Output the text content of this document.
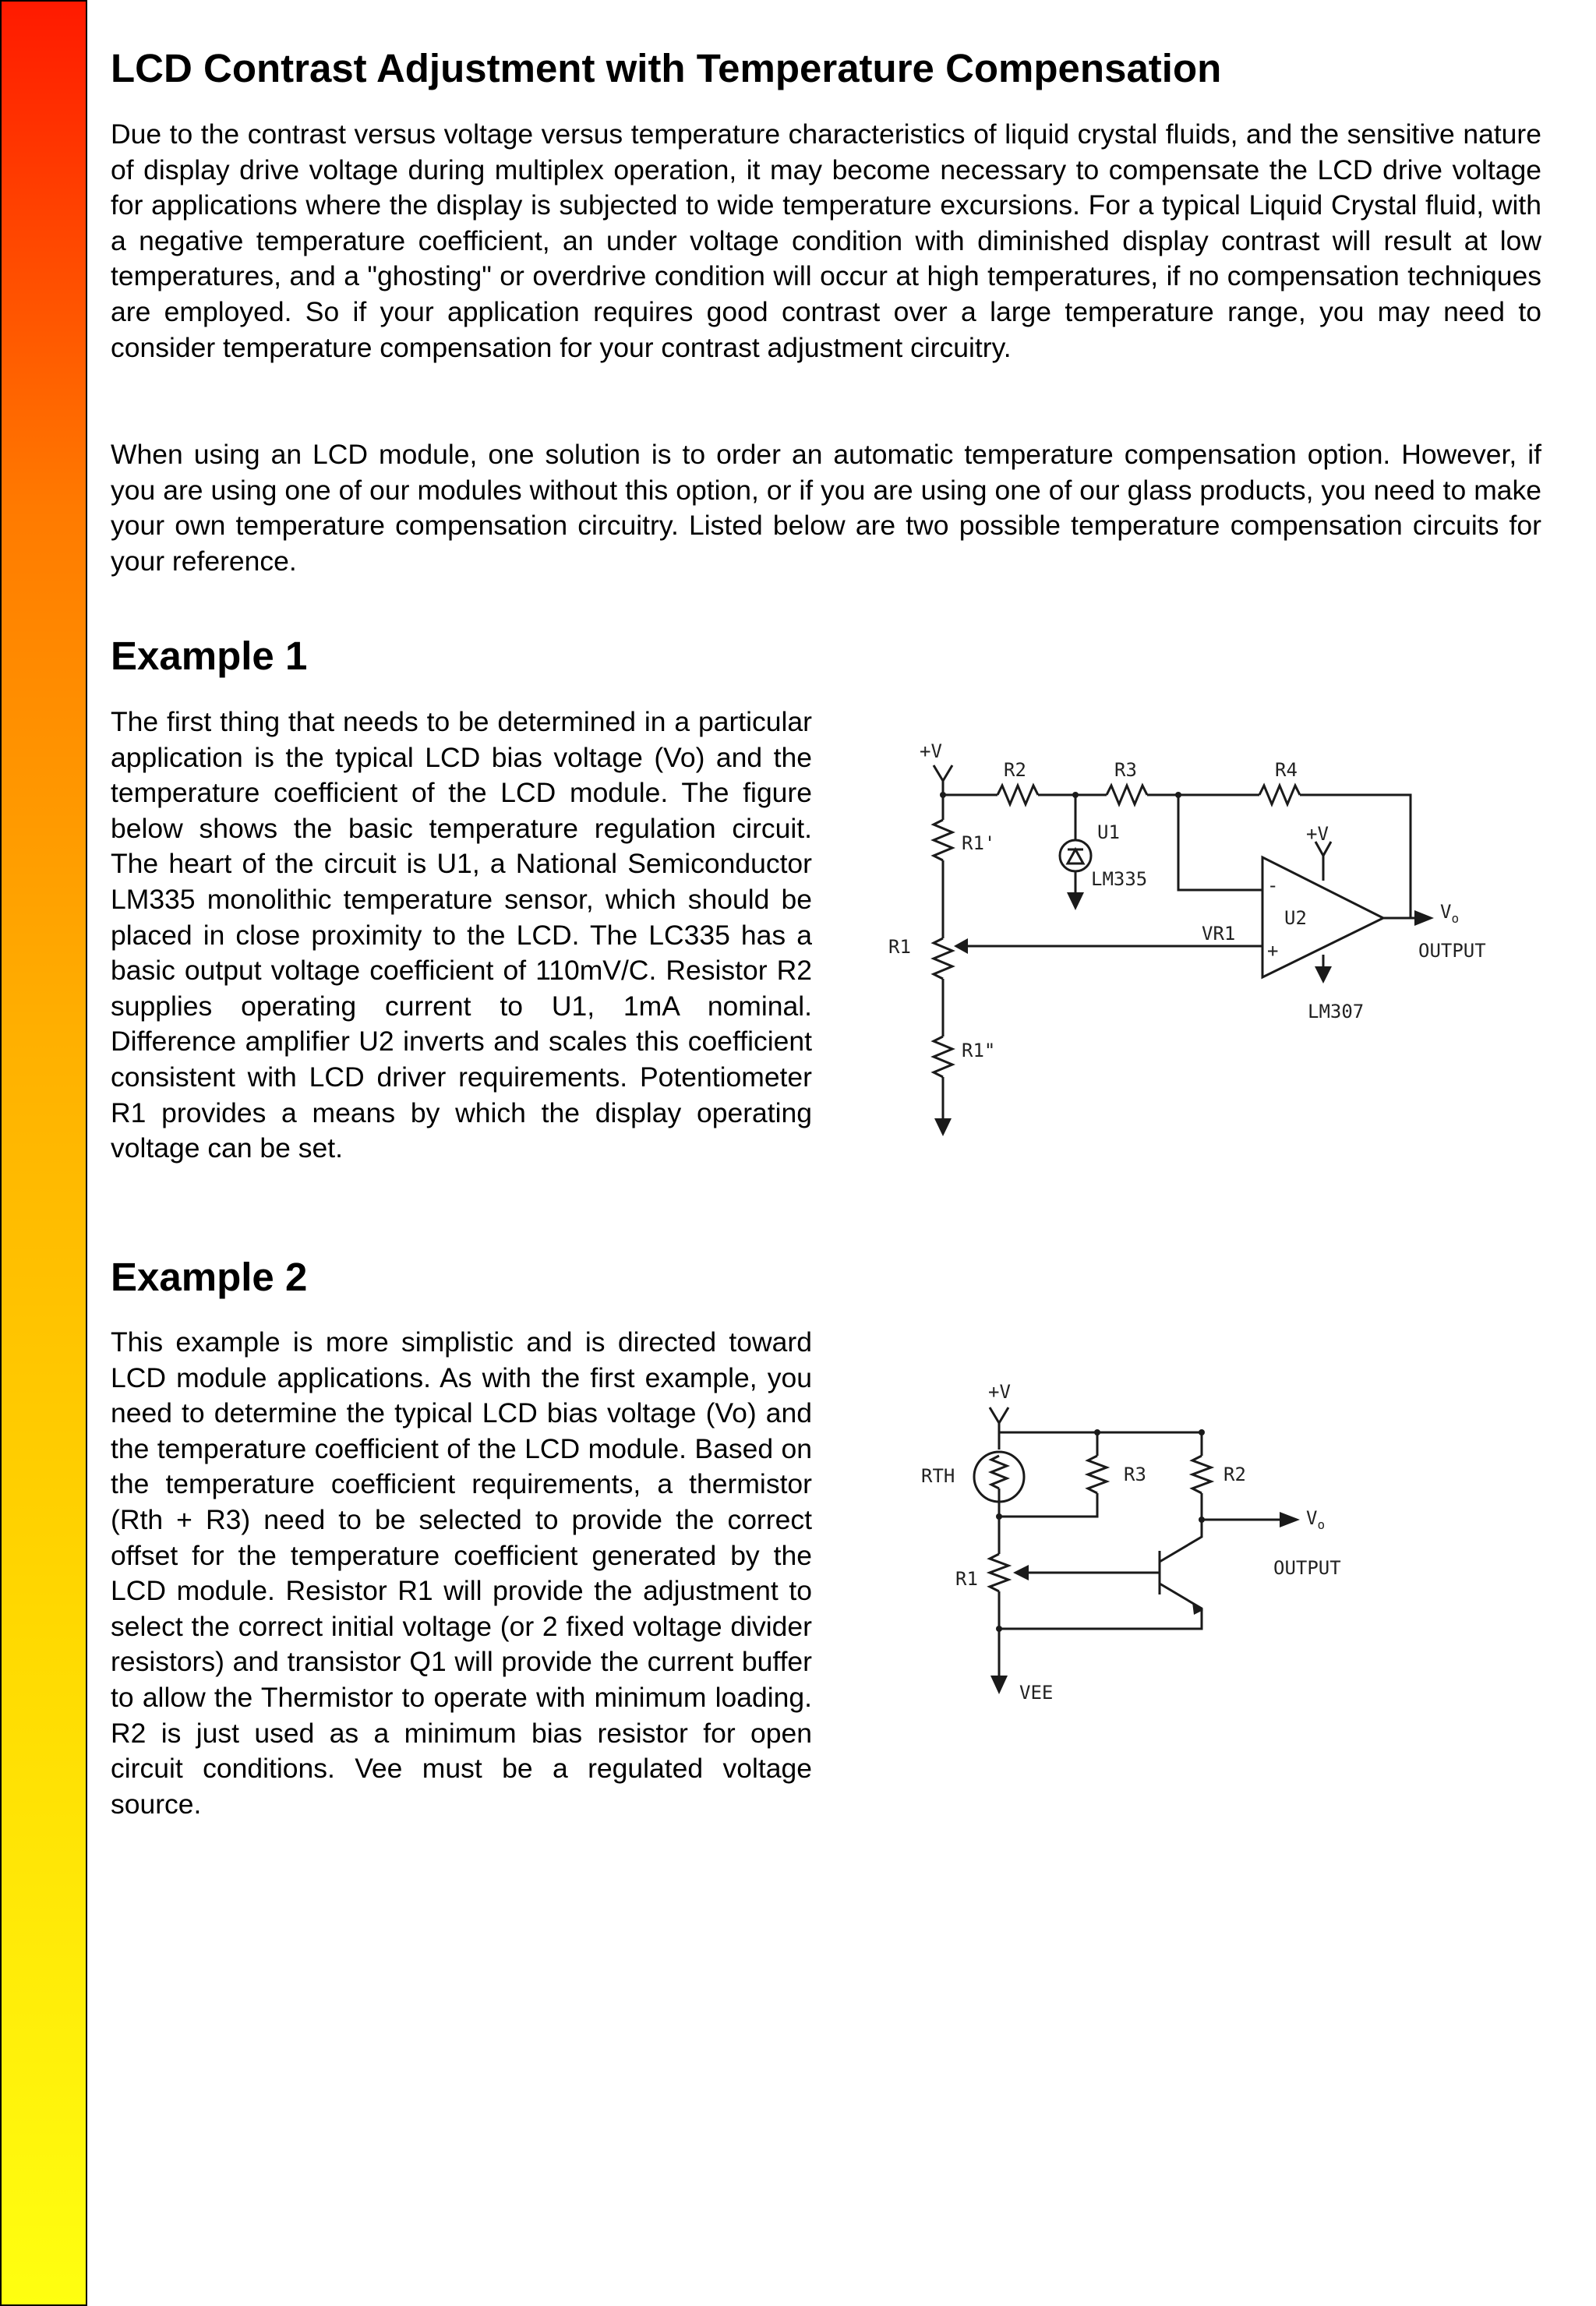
LCD Contrast Adjustment with Temperature Compensation

Due to the contrast versus voltage versus temperature characteristics of liquid crystal fluids, and the sensitive nature of display drive voltage during multiplex operation, it may become necessary to compensate the LCD drive voltage for applications where the display is subjected to wide temperature excursions. For a typical Liquid Crystal fluid, with a negative temperature coefficient, an under voltage condition with diminished display contrast will result at low temperatures, and a "ghosting" or overdrive condition will occur at high temperatures, if no compensation techniques are employed. So if your application requires good contrast over a large temperature range, you may need to consider temperature compensation for your contrast adjustment circuitry.

When using an LCD module, one solution is to order an automatic temperature compensation option. However, if you are using one of our modules without this option, or if you are using one of our glass products, you need to make your own temperature compensation circuitry. Listed below are two possible temperature compensation circuits for your reference.

Example 1

The first thing that needs to be determined in a particular application is the typical LCD bias voltage (Vo) and the temperature coefficient of the LCD module. The figure below shows the basic temperature regulation circuit. The heart of the circuit is U1, a National Semiconductor LM335 monolithic temperature sensor, which should be placed in close proximity to the LCD. The LC335 has a basic output voltage coefficient of 110mV/C. Resistor R2 supplies operating current to U1, 1mA nominal. Difference amplifier U2 inverts and scales this coefficient consistent with LCD driver requirements. Potentiometer R1 provides a means by which the display operating voltage can be set.

+V
R2	R3	R4
R1'
R1
R1"
U1
LM335
VR1
U2
LM307
+V
-
+
$V_o$
OUTPUT
Example 2

This example is more simplistic and is directed toward LCD module applications. As with the first example, you need to determine the typical LCD bias voltage (Vo) and the temperature coefficient of the LCD module. Based on the temperature coefficient requirements, a thermistor (Rth + R3) need to be selected to provide the correct offset for the temperature coefficient generated by the LCD module. Resistor R1 will provide the adjustment to select the correct initial voltage (or 2 fixed voltage divider resistors) and transistor Q1 will provide the current buffer to allow the Thermistor to operate with minimum loading. R2 is just used as a minimum bias resistor for open circuit conditions. Vee must be a regulated voltage source.

+V
RTH	R3	R2
R1
$V_o$
OUTPUT
VEE
